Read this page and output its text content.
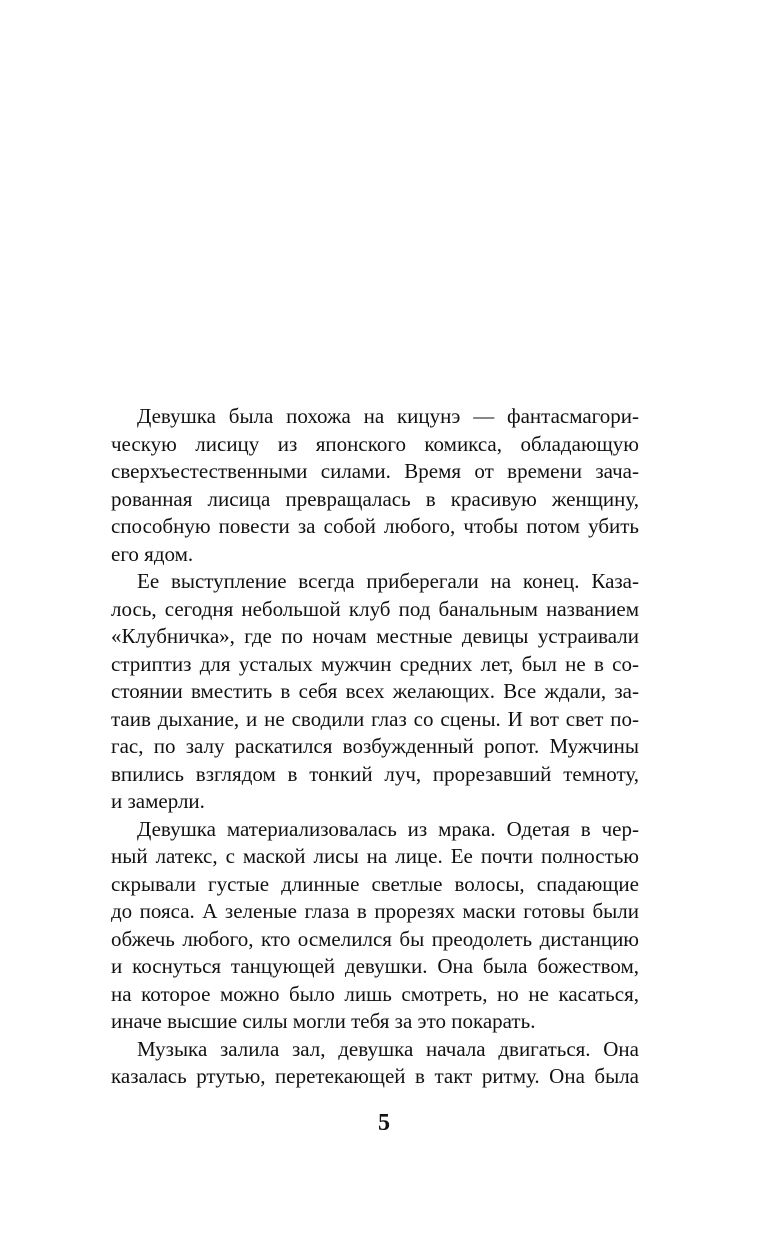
Девушка была похожа на кицунэ — фантасмагори-
ческую лисицу из японского комикса, обладающую
сверхъестественными силами. Время от времени зача-
рованная лисица превращалась в красивую женщину,
способную повести за собой любого, чтобы потом убить
его ядом.
Ее выступление всегда приберегали на конец. Каза-
лось, сегодня небольшой клуб под банальным названием
«Клубничка», где по ночам местные девицы устраивали
стриптиз для усталых мужчин средних лет, был не в со-
стоянии вместить в себя всех желающих. Все ждали, за-
таив дыхание, и не сводили глаз со сцены. И вот свет по-
гас, по залу раскатился возбужденный ропот. Мужчины
впились взглядом в тонкий луч, прорезавший темноту,
и замерли.
Девушка материализовалась из мрака. Одетая в чер-
ный латекс, с маской лисы на лице. Ее почти полностью
скрывали густые длинные светлые волосы, спадающие
до пояса. А зеленые глаза в прорезях маски готовы были
обжечь любого, кто осмелился бы преодолеть дистанцию
и коснуться танцующей девушки. Она была божеством,
на которое можно было лишь смотреть, но не касаться,
иначе высшие силы могли тебя за это покарать.
Музыка залила зал, девушка начала двигаться. Она
казалась ртутью, перетекающей в такт ритму. Она была
5
